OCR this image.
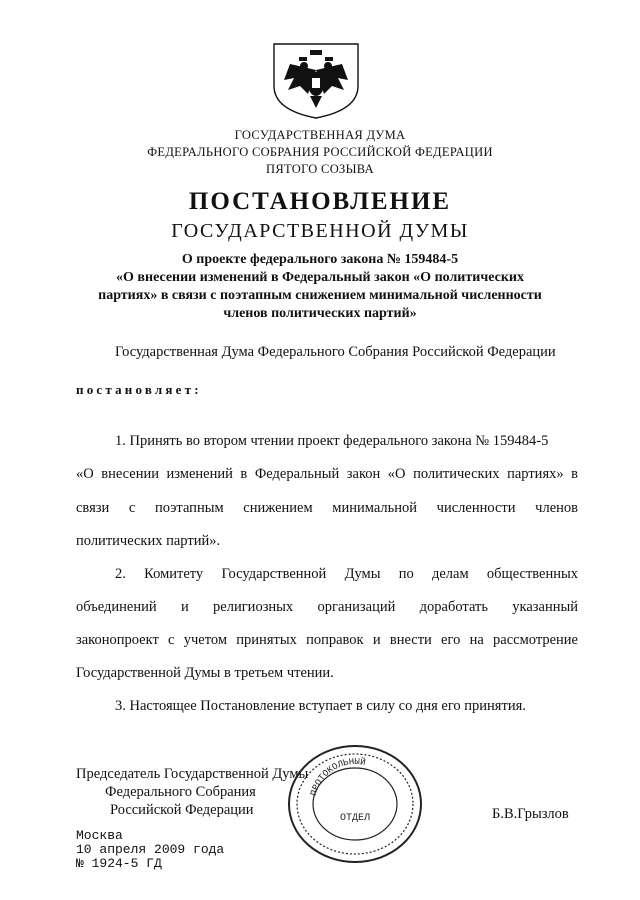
ГОСУДАРСТВЕННАЯ ДУМА
ФЕДЕРАЛЬНОГО СОБРАНИЯ РОССИЙСКОЙ ФЕДЕРАЦИИ
ПЯТОГО СОЗЫВА
ПОСТАНОВЛЕНИЕ
ГОСУДАРСТВЕННОЙ ДУМЫ
О проекте федерального закона № 159484-5
«О внесении изменений в Федеральный закон «О политических
партиях» в связи с поэтапным снижением минимальной численности
членов политических партий»
Государственная Дума Федерального Собрания Российской Федерации
постановляет:
1. Принять во втором чтении проект федерального закона № 159484-5
«О внесении изменений в Федеральный закон «О политических партиях» в
связи с поэтапным снижением минимальной численности членов
политических партий».
2. Комитету Государственной Думы по делам общественных
объединений и религиозных организаций доработать указанный
законопроект с учетом принятых поправок и внести его на рассмотрение
Государственной Думы в третьем чтении.
3. Настоящее Постановление вступает в силу со дня его принятия.
Председатель Государственной Думы
Федерального Собрания
Российской Федерации	Б.В.Грызлов
Москва
10 апреля 2009 года
№ 1924-5 ГД
ПРОТОКОЛЬНЫЙ
ОТДЕЛ
